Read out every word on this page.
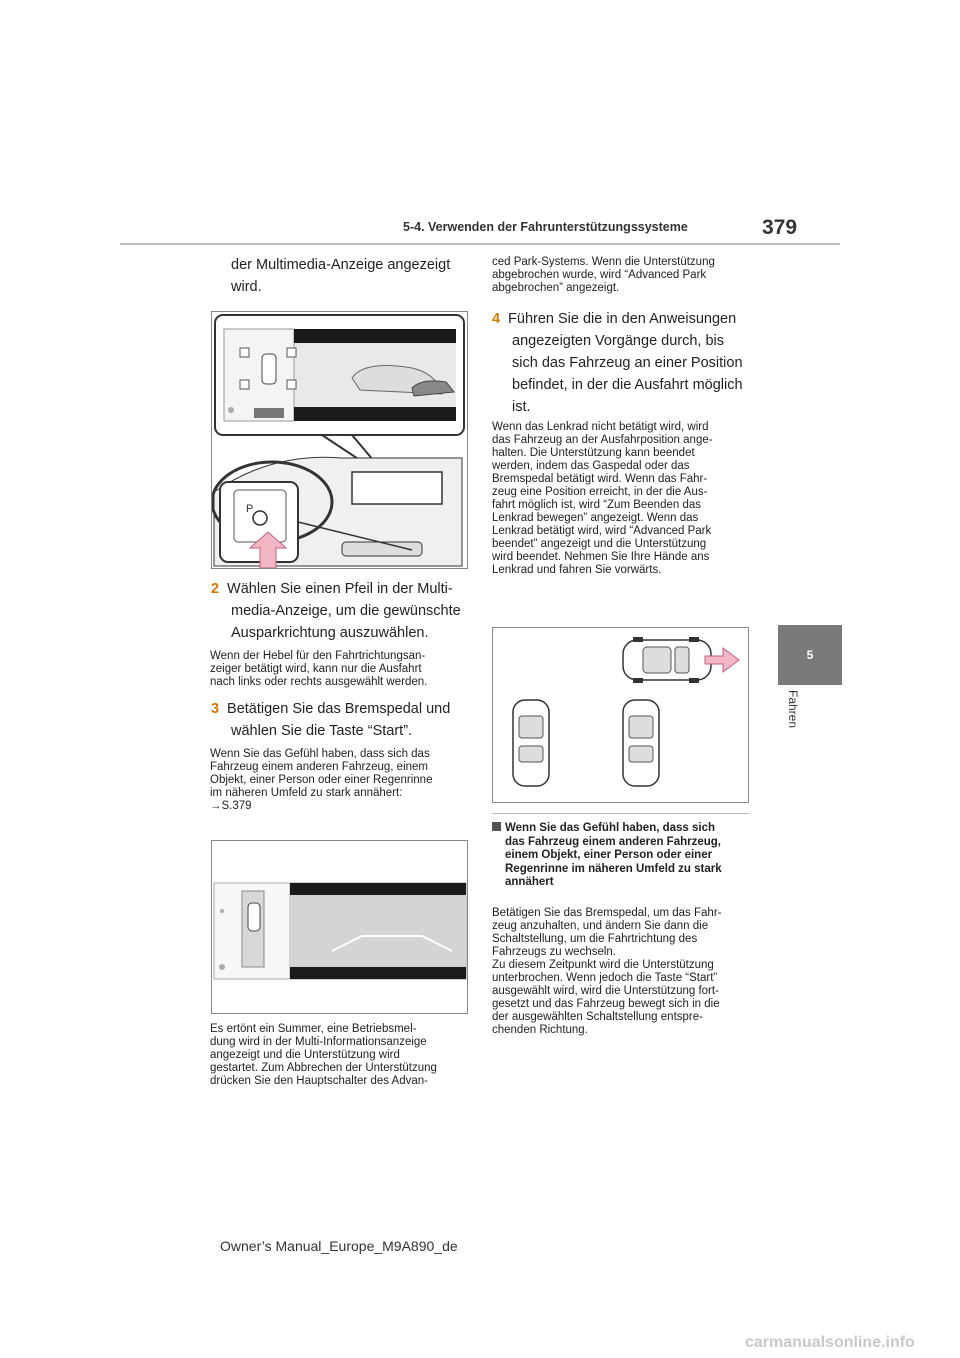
5-4. Verwenden der Fahrunterstützungssysteme	379
5
Fahren
der Multimedia-Anzeige angezeigt
wird.
P
2 Wählen Sie einen Pfeil in der Multi-
media-Anzeige, um die gewünschte
Ausparkrichtung auszuwählen.
Wenn der Hebel für den Fahrtrichtungsan-
zeiger betätigt wird, kann nur die Ausfahrt
nach links oder rechts ausgewählt werden.
3 Betätigen Sie das Bremspedal und
wählen Sie die Taste “Start”.
Wenn Sie das Gefühl haben, dass sich das
Fahrzeug einem anderen Fahrzeug, einem
Objekt, einer Person oder einer Regenrinne
im näheren Umfeld zu stark annähert:
→S.379
Es ertönt ein Summer, eine Betriebsmel-
dung wird in der Multi-Informationsanzeige
angezeigt und die Unterstützung wird
gestartet. Zum Abbrechen der Unterstützung
drücken Sie den Hauptschalter des Advan-
ced Park-Systems. Wenn die Unterstützung
abgebrochen wurde, wird “Advanced Park
abgebrochen” angezeigt.
4 Führen Sie die in den Anweisungen
angezeigten Vorgänge durch, bis
sich das Fahrzeug an einer Position
befindet, in der die Ausfahrt möglich
ist.
Wenn das Lenkrad nicht betätigt wird, wird
das Fahrzeug an der Ausfahrposition ange-
halten. Die Unterstützung kann beendet
werden, indem das Gaspedal oder das
Bremspedal betätigt wird. Wenn das Fahr-
zeug eine Position erreicht, in der die Aus-
fahrt möglich ist, wird “Zum Beenden das
Lenkrad bewegen” angezeigt. Wenn das
Lenkrad betätigt wird, wird “Advanced Park
beendet” angezeigt und die Unterstützung
wird beendet. Nehmen Sie Ihre Hände ans
Lenkrad und fahren Sie vorwärts.
Wenn Sie das Gefühl haben, dass sich
das Fahrzeug einem anderen Fahrzeug,
einem Objekt, einer Person oder einer
Regenrinne im näheren Umfeld zu stark
annähert
Betätigen Sie das Bremspedal, um das Fahr-
zeug anzuhalten, und ändern Sie dann die
Schaltstellung, um die Fahrtrichtung des
Fahrzeugs zu wechseln.
Zu diesem Zeitpunkt wird die Unterstützung
unterbrochen. Wenn jedoch die Taste “Start”
ausgewählt wird, wird die Unterstützung fort-
gesetzt und das Fahrzeug bewegt sich in die
der ausgewählten Schaltstellung entspre-
chenden Richtung.
Owner’s Manual_Europe_M9A890_de
carmanualsonline.info
